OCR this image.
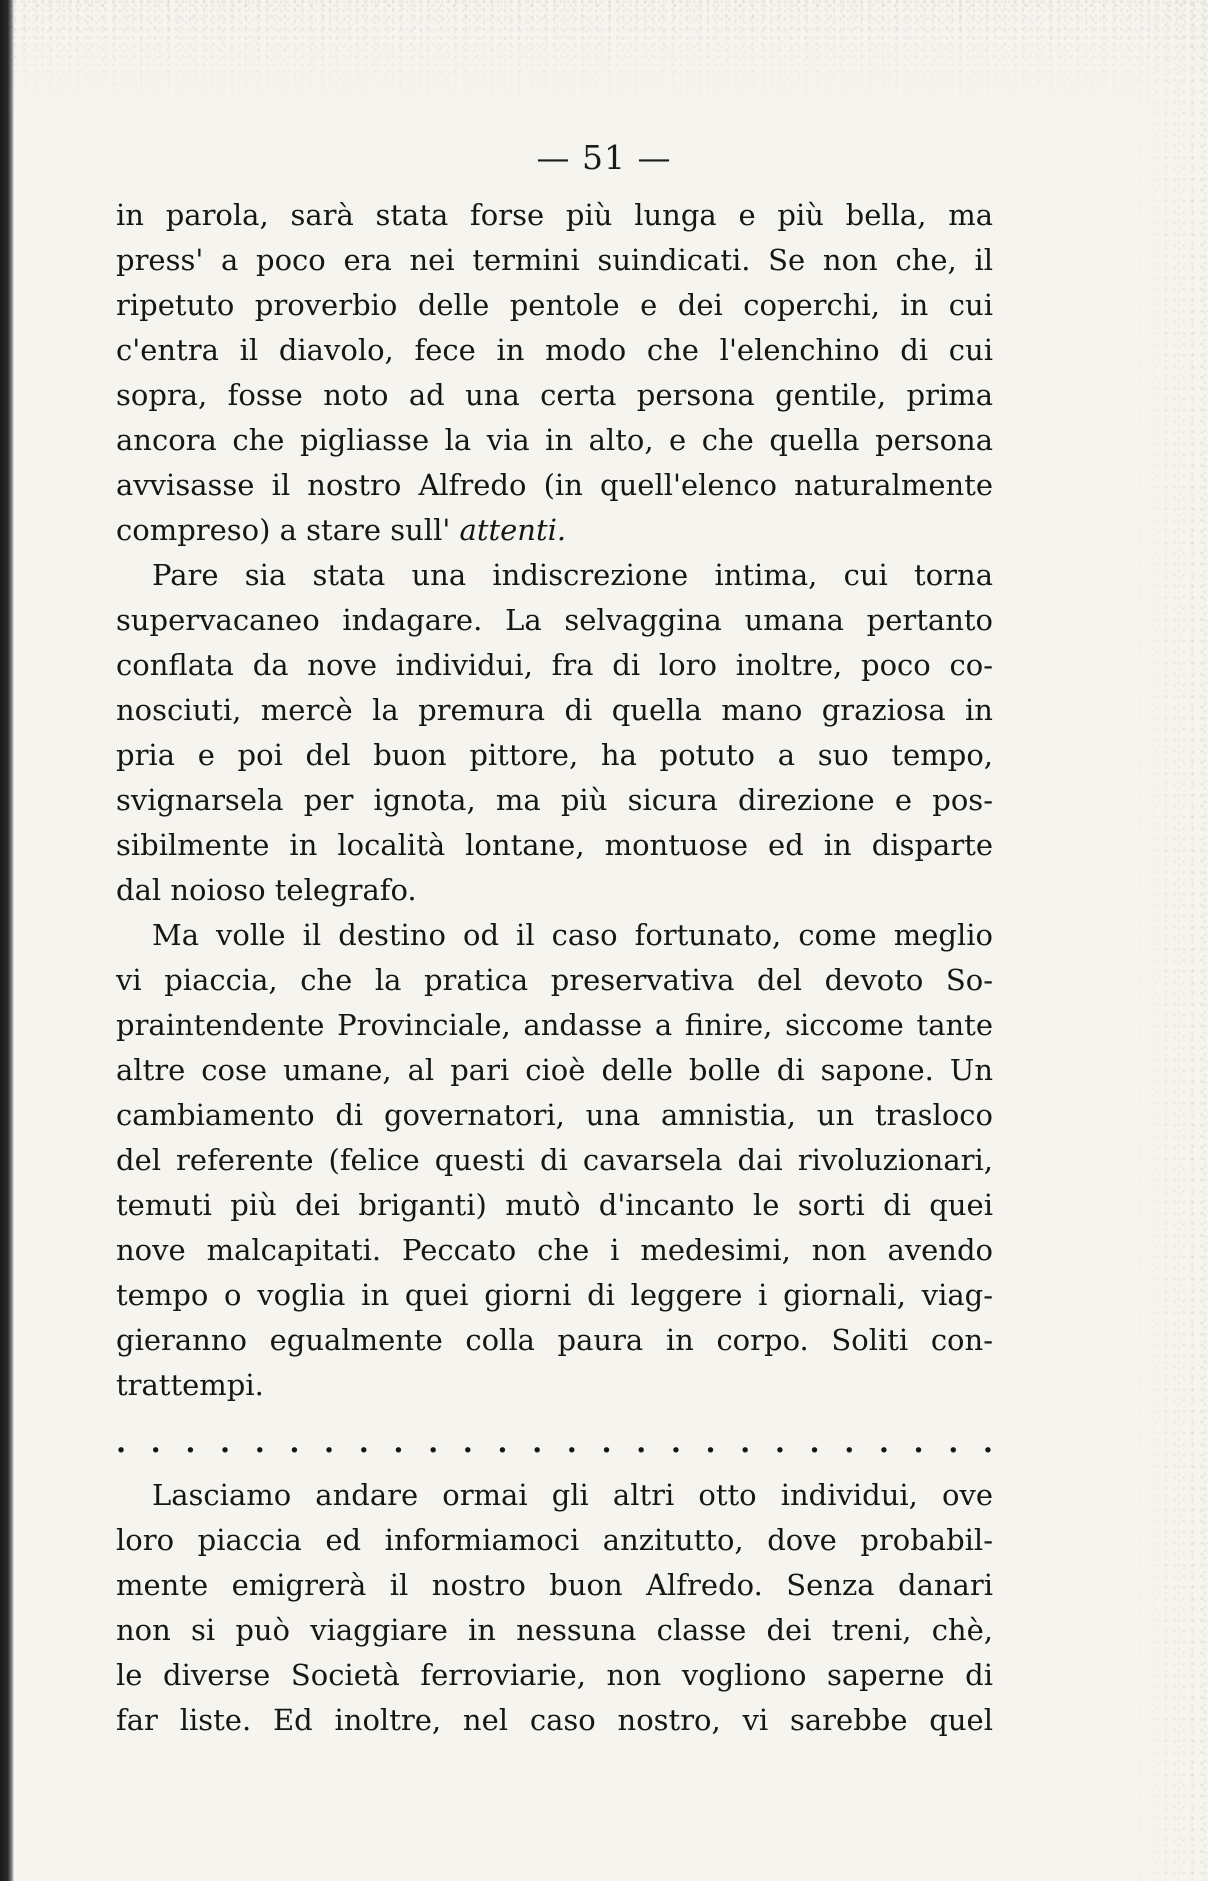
— 51 —
in parola, sarà stata forse più lunga e più bella, ma
press' a poco era nei termini suindicati. Se non che, il
ripetuto proverbio delle pentole e dei coperchi, in cui
c'entra il diavolo, fece in modo che l'elenchino di cui
sopra, fosse noto ad una certa persona gentile, prima
ancora che pigliasse la via in alto, e che quella persona
avvisasse il nostro Alfredo (in quell'elenco naturalmente
compreso) a stare sull' attenti.
Pare sia stata una indiscrezione intima, cui torna
supervacaneo indagare. La selvaggina umana pertanto
conflata da nove individui, fra di loro inoltre, poco co-
nosciuti, mercè la premura di quella mano graziosa in
pria e poi del buon pittore, ha potuto a suo tempo,
svignarsela per ignota, ma più sicura direzione e pos-
sibilmente in località lontane, montuose ed in disparte
dal noioso telegrafo.
Ma volle il destino od il caso fortunato, come meglio
vi piaccia, che la pratica preservativa del devoto So-
praintendente Provinciale, andasse a finire, siccome tante
altre cose umane, al pari cioè delle bolle di sapone. Un
cambiamento di governatori, una amnistia, un trasloco
del referente (felice questi di cavarsela dai rivoluzionari,
temuti più dei briganti) mutò d'incanto le sorti di quei
nove malcapitati. Peccato che i medesimi, non avendo
tempo o voglia in quei giorni di leggere i giornali, viag-
gieranno egualmente colla paura in corpo. Soliti con-
trattempi.
. . . . . . . . . . . . . . . . . . . . . . . . . .
Lasciamo andare ormai gli altri otto individui, ove
loro piaccia ed informiamoci anzitutto, dove probabil-
mente emigrerà il nostro buon Alfredo. Senza danari
non si può viaggiare in nessuna classe dei treni, chè,
le diverse Società ferroviarie, non vogliono saperne di
far liste. Ed inoltre, nel caso nostro, vi sarebbe quel
